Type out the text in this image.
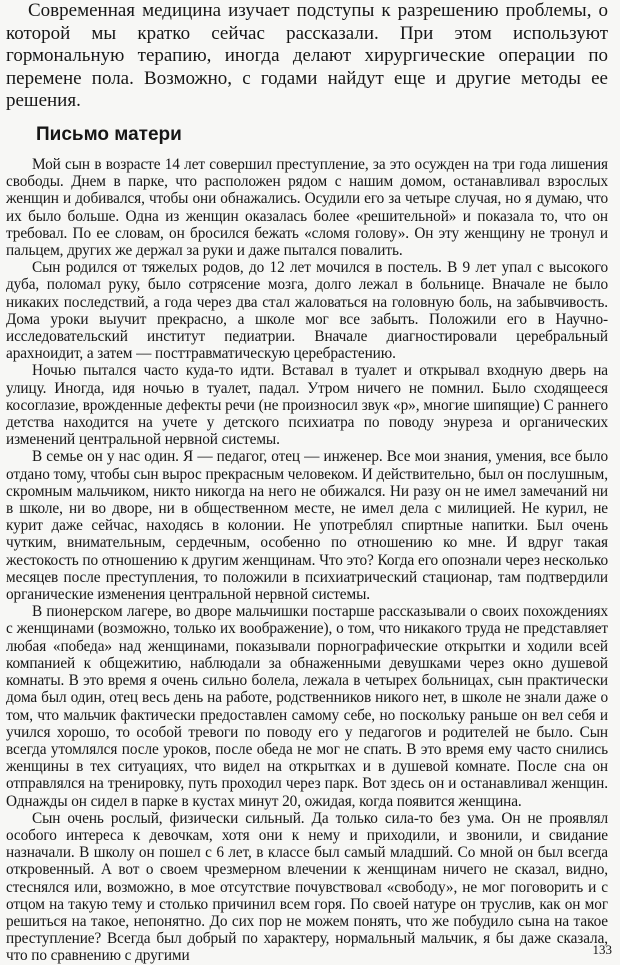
Современная медицина изучает подступы к разрешению проблемы, о которой мы кратко сейчас рассказали. При этом используют гормональную терапию, иногда делают хирургические операции по перемене пола. Возможно, с годами найдут еще и другие методы ее решения.

Письмо матери

Мой сын в возрасте 14 лет совершил преступление, за это осужден на три года лишения свободы. Днем в парке, что расположен рядом с нашим домом, останавливал взрослых женщин и добивался, чтобы они обнажались. Осудили его за четыре случая, но я думаю, что их было больше. Одна из женщин оказалась более «решительной» и показала то, что он требовал. По ее словам, он бросился бежать «сломя голову». Он эту женщину не тронул и пальцем, других же держал за руки и даже пытался повалить.

Сын родился от тяжелых родов, до 12 лет мочился в постель. В 9 лет упал с высокого дуба, поломал руку, было сотрясение мозга, долго лежал в больнице. Вначале не было никаких последствий, а года через два стал жаловаться на головную боль, на забывчивость. Дома уроки выучит прекрасно, а школе мог все забыть. Положили его в Научно-исследовательский институт педиатрии. Вначале диагностировали церебральный арахноидит, а затем — посттравматическую церебрастению.

Ночью пытался часто куда-то идти. Вставал в туалет и открывал входную дверь на улицу. Иногда, идя ночью в туалет, падал. Утром ничего не помнил. Было сходящееся косоглазие, врожденные дефекты речи (не произносил звук «р», многие шипящие) С раннего детства находится на учете у детского психиатра по поводу энуреза и органических изменений центральной нервной системы.

В семье он у нас один. Я — педагог, отец — инженер. Все мои знания, умения, все было отдано тому, чтобы сын вырос прекрасным человеком. И действительно, был он послушным, скромным мальчиком, никто никогда на него не обижался. Ни разу он не имел замечаний ни в школе, ни во дворе, ни в общественном месте, не имел дела с милицией. Не курил, не курит даже сейчас, находясь в колонии. Не употреблял спиртные напитки. Был очень чутким, внимательным, сердечным, особенно по отношению ко мне. И вдруг такая жестокость по отношению к другим женщинам. Что это? Когда его опознали через несколько месяцев после преступления, то положили в психиатрический стационар, там подтвердили органические изменения центральной нервной системы.

В пионерском лагере, во дворе мальчишки постарше рассказывали о своих похождениях с женщинами (возможно, только их воображение), о том, что никакого труда не представляет любая «победа» над женщинами, показывали порнографические открытки и ходили всей компанией к общежитию, наблюдали за обнаженными девушками через окно душевой комнаты. В это время я очень сильно болела, лежала в четырех больницах, сын практически дома был один, отец весь день на работе, родственников никого нет, в школе не знали даже о том, что мальчик фактически предоставлен самому себе, но поскольку раньше он вел себя и учился хорошо, то особой тревоги по поводу его у педагогов и родителей не было. Сын всегда утомлялся после уроков, после обеда не мог не спать. В это время ему часто снились женщины в тех ситуациях, что видел на открытках и в душевой комнате. После сна он отправлялся на тренировку, путь проходил через парк. Вот здесь он и останавливал женщин. Однажды он сидел в парке в кустах минут 20, ожидая, когда появится женщина.

Сын очень рослый, физически сильный. Да только сила-то без ума. Он не проявлял особого интереса к девочкам, хотя они к нему и приходили, и звонили, и свидание назначали. В школу он пошел с 6 лет, в классе был самый младший. Со мной он был всегда откровенный. А вот о своем чрезмерном влечении к женщинам ничего не сказал, видно, стеснялся или, возможно, в мое отсутствие почувствовал «свободу», не мог поговорить и с отцом на такую тему и столько причинил всем горя. По своей натуре он труслив, как он мог решиться на такое, непонятно. До сих пор не можем понять, что же побудило сына на такое преступление? Всегда был добрый по характеру, нормальный мальчик, я бы даже сказала, что по сравнению с другими	133
